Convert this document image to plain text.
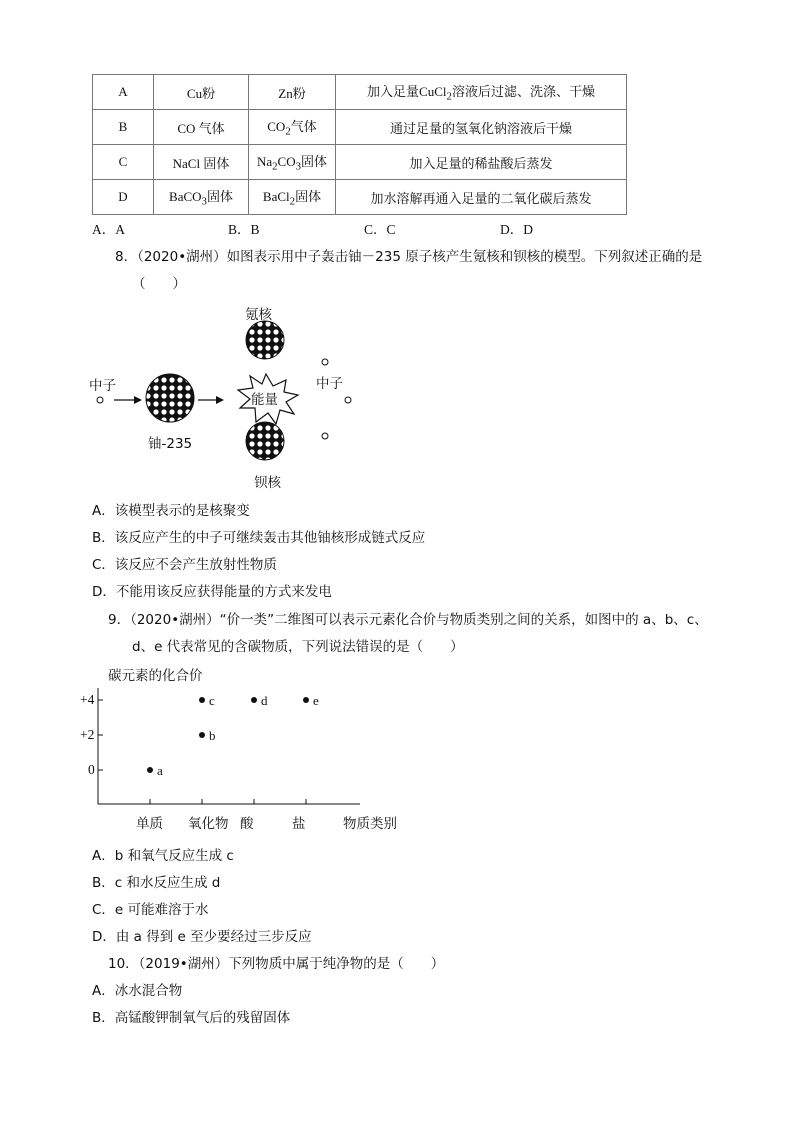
A	Cu粉	Zn粉	加入足量CuCl$_2$溶液后过滤、洗涤、干燥
B	CO 气体	$CO_2$气体	通过足量的氢氧化钠溶液后干燥
C	NaCl 固体	$Na_2CO_3$固体	加入足量的稀盐酸后蒸发
D	BaCO$_3$固体	BaCl$_2$固体	加水溶解再通入足量的二氧化碳后蒸发
A．A	B．B	C．C	D．D
8．（2020•湖州）如图表示用中子轰击铀－235 原子核产生氪核和钡核的模型。下列叙述正确的是
（　　）
中子
铀-235
能量
氪核
钡核
中子
A．该模型表示的是核聚变
B．该反应产生的中子可继续轰击其他铀核形成链式反应
C．该反应不会产生放射性物质
D．不能用该反应获得能量的方式来发电
9．（2020•湖州）“价一类”二维图可以表示元素化合价与物质类别之间的关系，如图中的 a、b、c、
d、e 代表常见的含碳物质，下列说法错误的是（　　）
a
b
c	d	e
碳元素的化合价
物质类别
单质 氧化物 酸	盐
+4
+2
0
A．b 和氧气反应生成 c
B．c 和水反应生成 d
C．e 可能难溶于水
D．由 a 得到 e 至少要经过三步反应
10．（2019•湖州）下列物质中属于纯净物的是（　　）
A．冰水混合物
B．高锰酸钾制氧气后的残留固体
